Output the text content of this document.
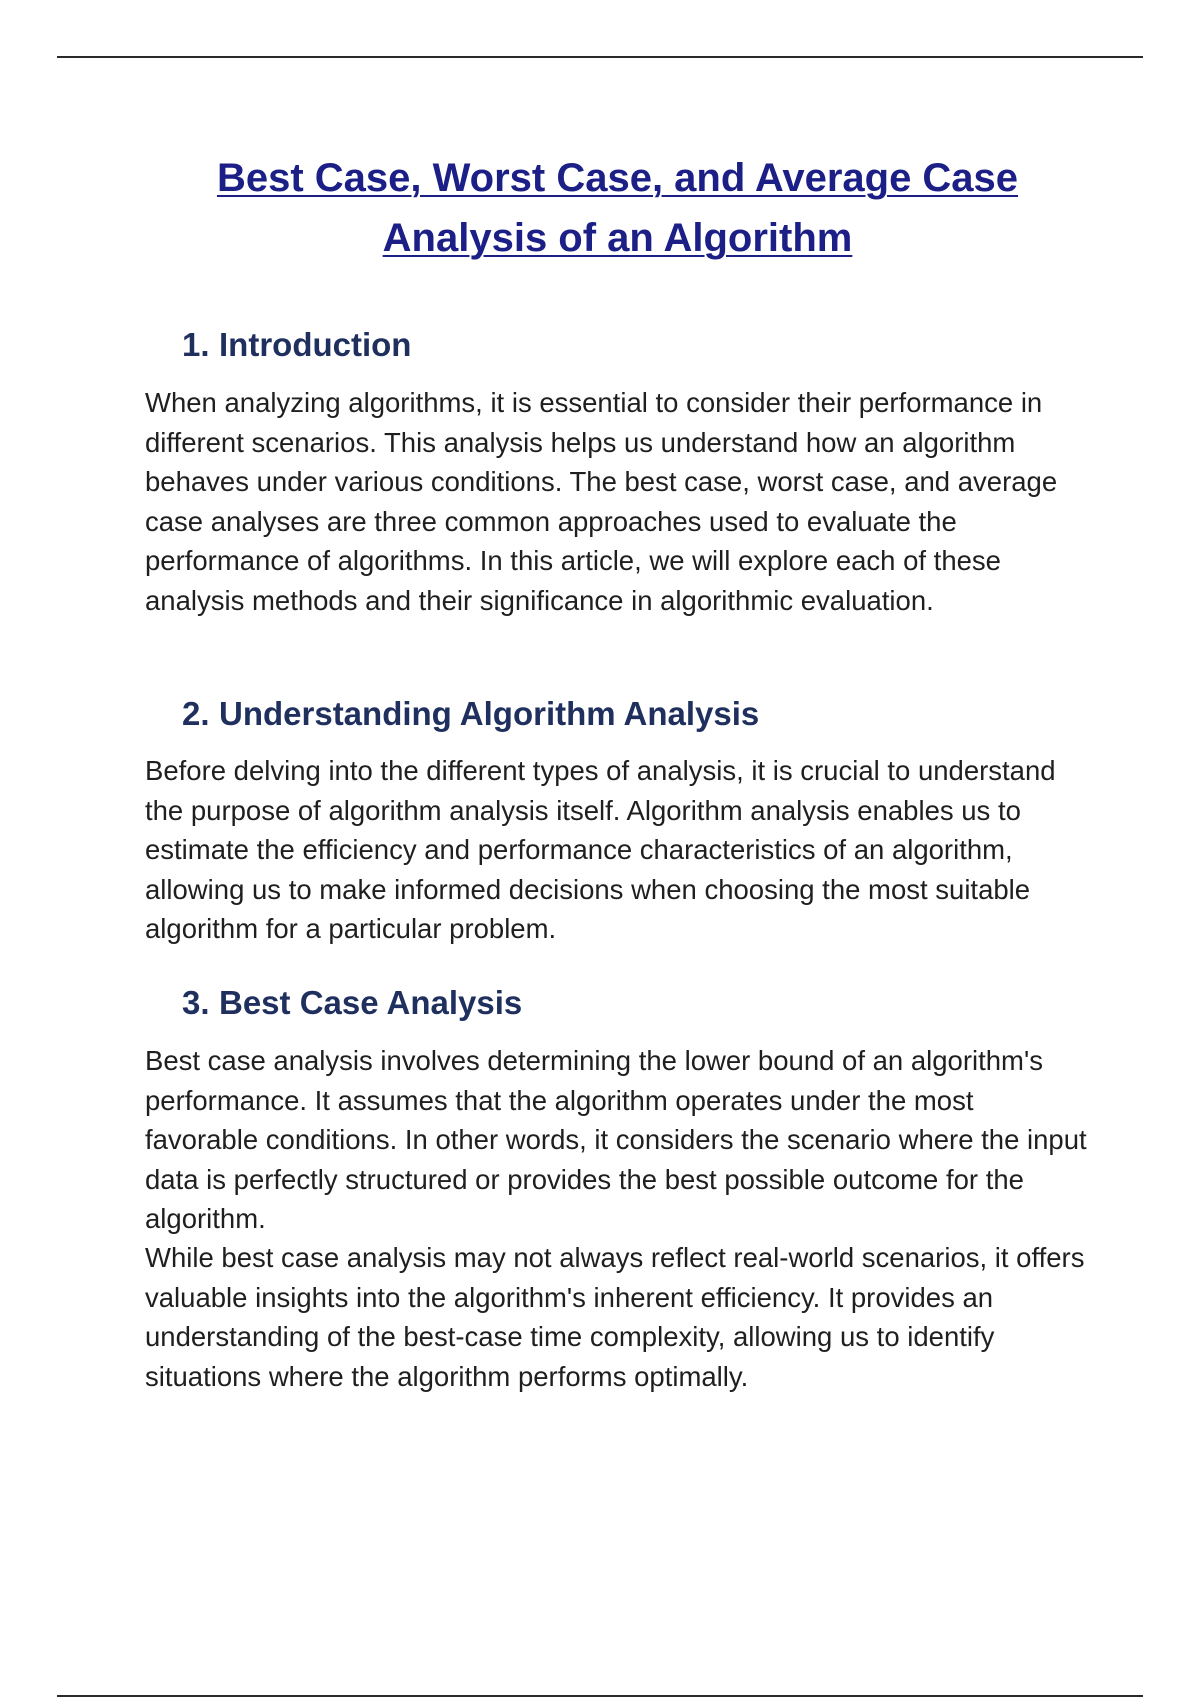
Best Case, Worst Case, and Average Case Analysis of an Algorithm
1. Introduction

When analyzing algorithms, it is essential to consider their performance in different scenarios. This analysis helps us understand how an algorithm behaves under various conditions. The best case, worst case, and average case analyses are three common approaches used to evaluate the performance of algorithms. In this article, we will explore each of these analysis methods and their significance in algorithmic evaluation.

2. Understanding Algorithm Analysis

Before delving into the different types of analysis, it is crucial to understand the purpose of algorithm analysis itself. Algorithm analysis enables us to estimate the efficiency and performance characteristics of an algorithm, allowing us to make informed decisions when choosing the most suitable algorithm for a particular problem.

3. Best Case Analysis

Best case analysis involves determining the lower bound of an algorithm's performance. It assumes that the algorithm operates under the most favorable conditions. In other words, it considers the scenario where the input data is perfectly structured or provides the best possible outcome for the algorithm.

While best case analysis may not always reflect real-world scenarios, it offers valuable insights into the algorithm's inherent efficiency. It provides an understanding of the best-case time complexity, allowing us to identify situations where the algorithm performs optimally.
